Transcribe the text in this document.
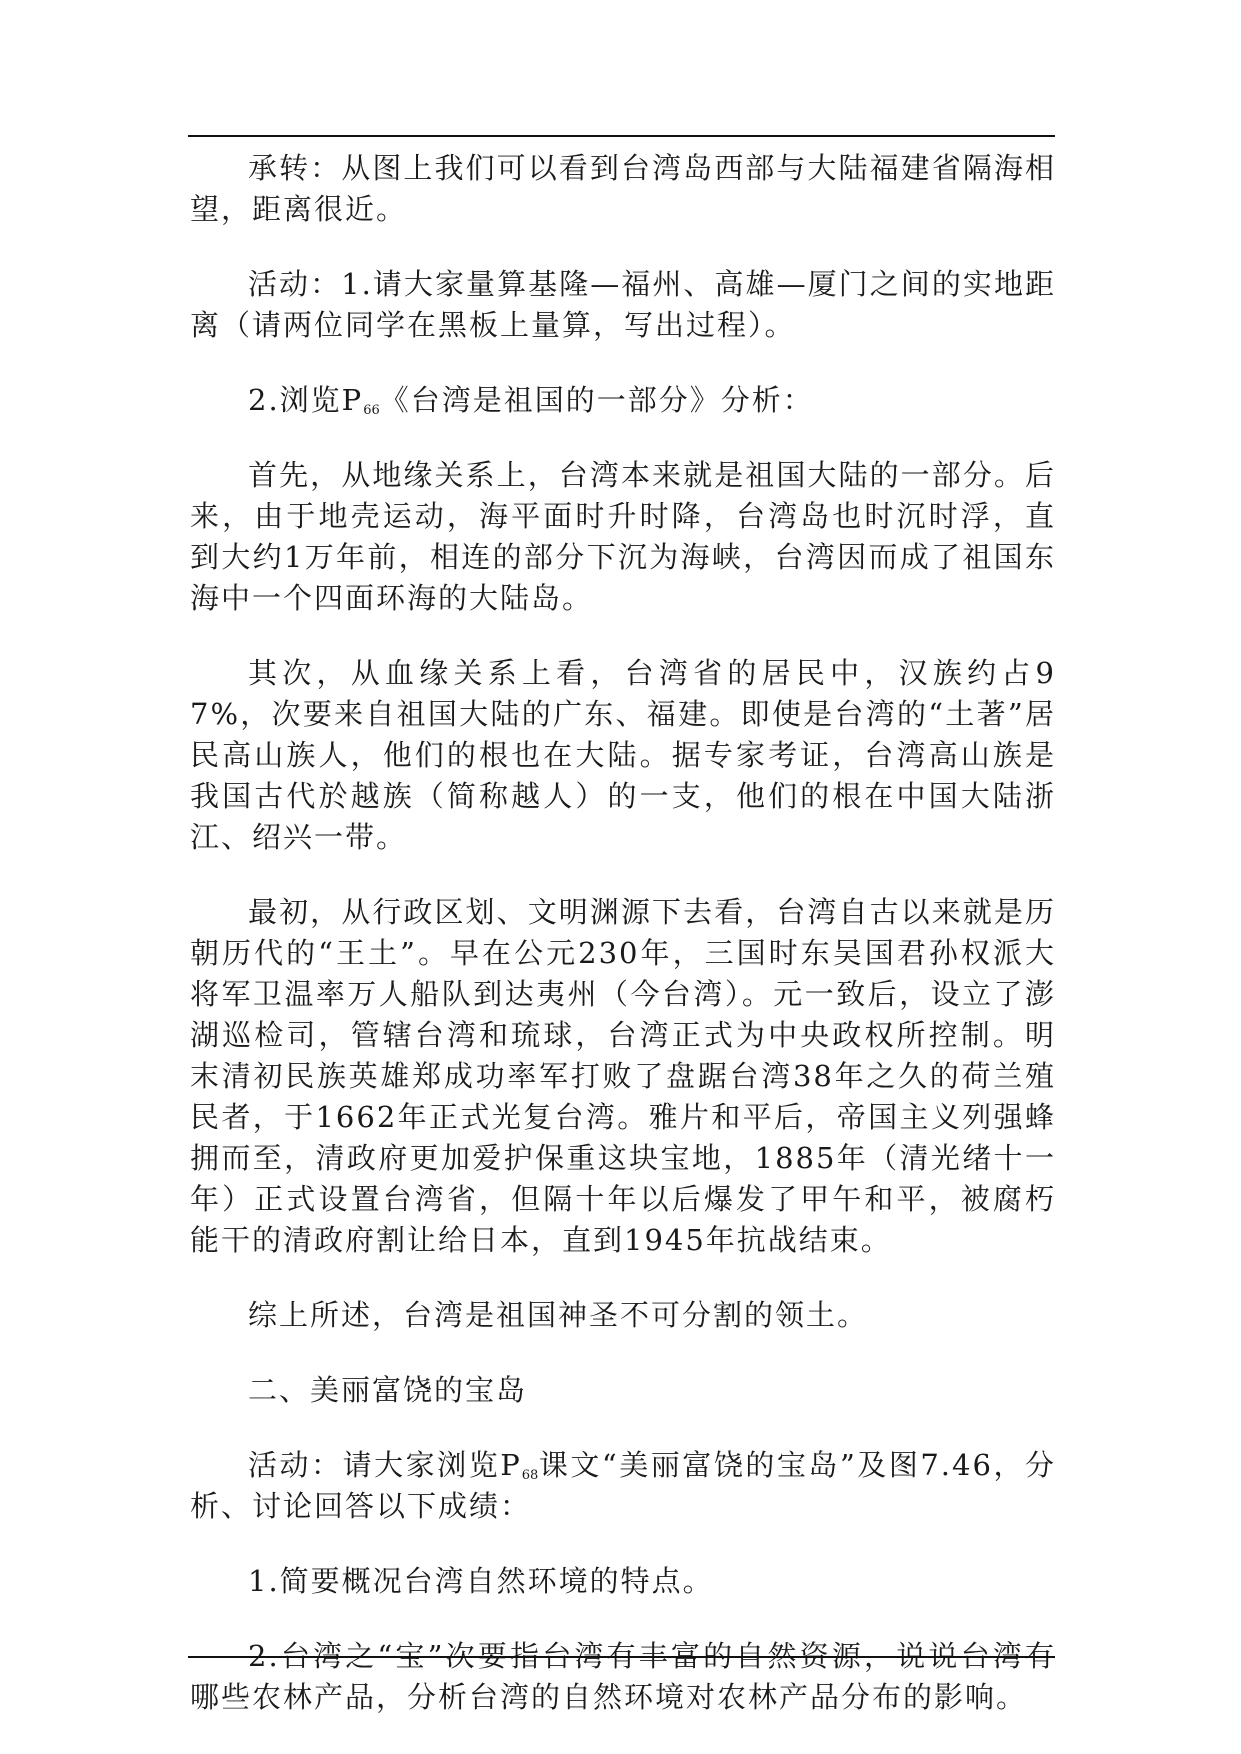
承转：从图上我们可以看到台湾岛西部与大陆福建省隔海相望，距离很近。

活动：1.请大家量算基隆—福州、高雄—厦门之间的实地距离（请两位同学在黑板上量算，写出过程）。

2.浏览$P_{66}$《台湾是祖国的一部分》分析：

首先，从地缘关系上，台湾本来就是祖国大陆的一部分。后来，由于地壳运动，海平面时升时降，台湾岛也时沉时浮，直到大约1万年前，相连的部分下沉为海峡，台湾因而成了祖国东海中一个四面环海的大陆岛。

其次，从血缘关系上看，台湾省的居民中，汉族约占97%，次要来自祖国大陆的广东、福建。即使是台湾的“土著”居民高山族人，他们的根也在大陆。据专家考证，台湾高山族是我国古代於越族（简称越人）的一支，他们的根在中国大陆浙江、绍兴一带。

最初，从行政区划、文明渊源下去看，台湾自古以来就是历朝历代的“王土”。早在公元230年，三国时东吴国君孙权派大将军卫温率万人船队到达夷州（今台湾）。元一致后，设立了澎湖巡检司，管辖台湾和琉球，台湾正式为中央政权所控制。明末清初民族英雄郑成功率军打败了盘踞台湾38年之久的荷兰殖民者，于1662年正式光复台湾。雅片和平后，帝国主义列强蜂拥而至，清政府更加爱护保重这块宝地，1885年（清光绪十一年）正式设置台湾省，但隔十年以后爆发了甲午和平，被腐朽能干的清政府割让给日本，直到1945年抗战结束。

综上所述，台湾是祖国神圣不可分割的领土。

二、美丽富饶的宝岛

活动：请大家浏览$P_{68}$课文“美丽富饶的宝岛”及图7.46，分析、讨论回答以下成绩：

1.简要概况台湾自然环境的特点。

2.台湾之“宝”次要指台湾有丰富的自然资源，说说台湾有哪些农林产品，分析台湾的自然环境对农林产品分布的影响。
